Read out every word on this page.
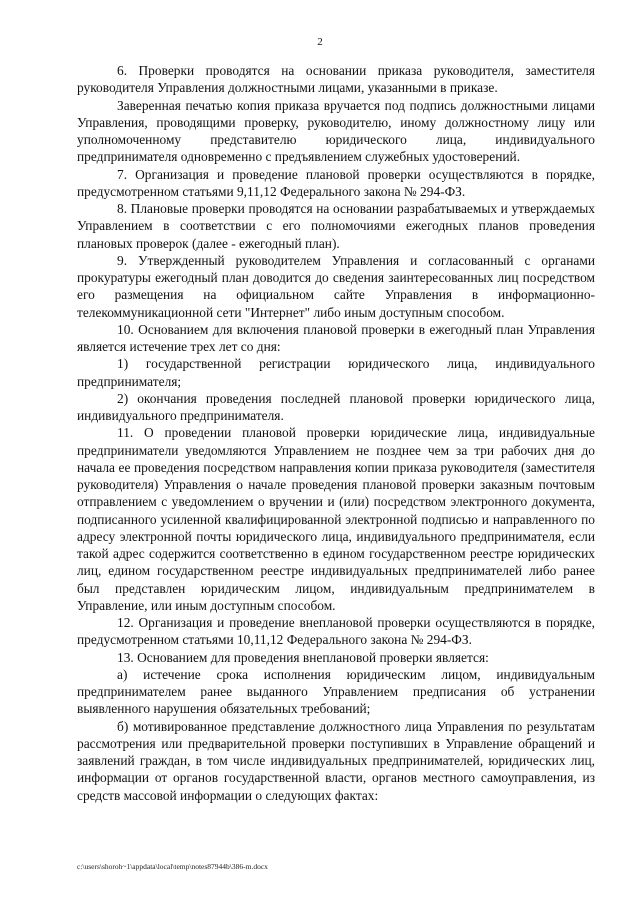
2

6. Проверки проводятся на основании приказа руководителя, заместителя руководителя Управления должностными лицами, указанными в приказе.

Заверенная печатью копия приказа вручается под подпись должностными лицами Управления, проводящими проверку, руководителю, иному должностному лицу или уполномоченному представителю юридического лица, индивидуального предпринимателя одновременно с предъявлением служебных удостоверений.

7. Организация и проведение плановой проверки осуществляются в порядке, предусмотренном статьями 9,11,12 Федерального закона № 294-ФЗ.

8. Плановые проверки проводятся на основании разрабатываемых и утверждаемых Управлением в соответствии с его полномочиями ежегодных планов проведения плановых проверок (далее - ежегодный план).

9. Утвержденный руководителем Управления и согласованный с органами прокуратуры ежегодный план доводится до сведения заинтересованных лиц посредством его размещения на официальном сайте Управления в информационно-телекоммуникационной сети "Интернет" либо иным доступным способом.

10. Основанием для включения плановой проверки в ежегодный план Управления является истечение трех лет со дня:

1) государственной регистрации юридического лица, индивидуального предпринимателя;

2) окончания проведения последней плановой проверки юридического лица, индивидуального предпринимателя.

11. О проведении плановой проверки юридические лица, индивидуальные предприниматели уведомляются Управлением не позднее чем за три рабочих дня до начала ее проведения посредством направления копии приказа руководителя (заместителя руководителя) Управления о начале проведения плановой проверки заказным почтовым отправлением с уведомлением о вручении и (или) посредством электронного документа, подписанного усиленной квалифицированной электронной подписью и направленного по адресу электронной почты юридического лица, индивидуального предпринимателя, если такой адрес содержится соответственно в едином государственном реестре юридических лиц, едином государственном реестре индивидуальных предпринимателей либо ранее был представлен юридическим лицом, индивидуальным предпринимателем в Управление, или иным доступным способом.

12. Организация и проведение внеплановой проверки осуществляются в порядке, предусмотренном статьями 10,11,12 Федерального закона № 294-ФЗ.

13. Основанием для проведения внеплановой проверки является:

а) истечение срока исполнения юридическим лицом, индивидуальным предпринимателем ранее выданного Управлением предписания об устранении выявленного нарушения обязательных требований;

б) мотивированное представление должностного лица Управления по результатам рассмотрения или предварительной проверки поступивших в Управление обращений и заявлений граждан, в том числе индивидуальных предпринимателей, юридических лиц, информации от органов государственной власти, органов местного самоуправления, из средств массовой информации о следующих фактах:

c:\users\shoroh~1\appdata\local\temp\notes87944b\386-m.docx
